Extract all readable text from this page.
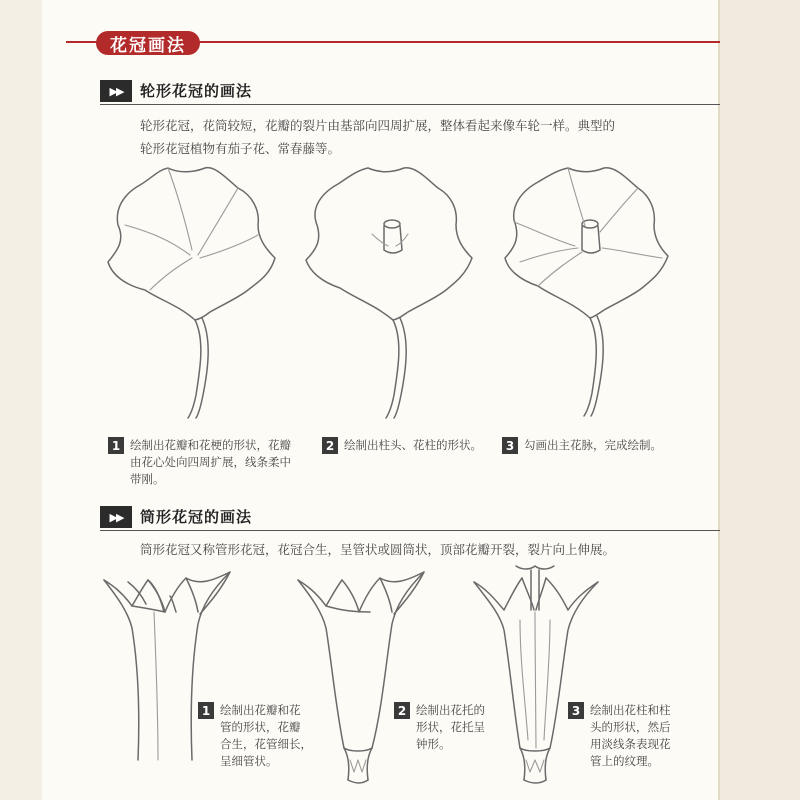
花冠画法
▶▶	轮形花冠的画法
轮形花冠，花筒较短，花瓣的裂片由基部向四周扩展，整体看起来像车轮一样。典型的
轮形花冠植物有茄子花、常春藤等。
1 绘制出花瓣和花梗的形状，花瓣
由花心处向四周扩展，线条柔中
带刚。
2 绘制出柱头、花柱的形状。	3 勾画出主花脉，完成绘制。
▶▶	筒形花冠的画法
筒形花冠又称管形花冠，花冠合生，呈管状或圆筒状，顶部花瓣开裂，裂片向上伸展。
1 绘制出花瓣和花
管的形状，花瓣
合生，花管细长，
呈细管状。
2 绘制出花托的
形状，花托呈
钟形。
3 绘制出花柱和柱
头的形状，然后
用淡线条表现花
管上的纹理。
